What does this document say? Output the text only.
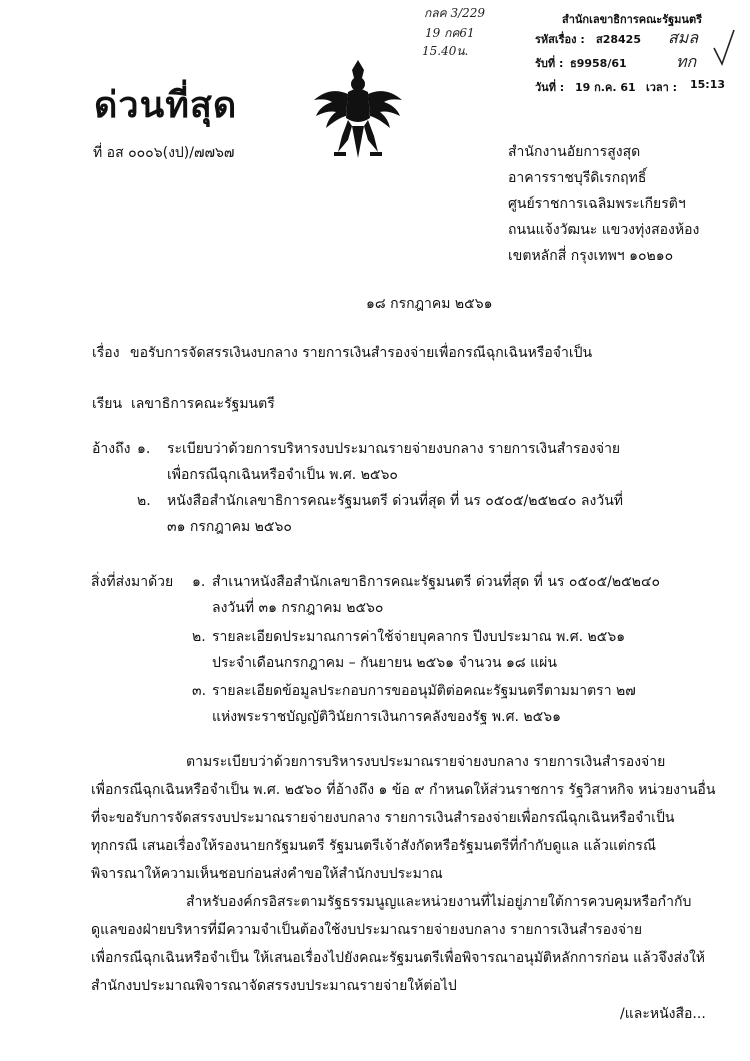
กลค 3/229
19 กค61
15.40น.
สำนักเลขาธิการคณะรัฐมนตรี
รหัสเรื่อง : ส28425
รับที่ : ธ9958/61
วันที่ : 19 ก.ค. 61 เวลา : 15:13
สมล
ทก
ด่วนที่สุด
ที่ อส ๐๐๐๖(งป)/๗๗๖๗	สำนักงานอัยการสูงสุด
อาคารราชบุรีดิเรกฤทธิ์
ศูนย์ราชการเฉลิมพระเกียรติฯ
ถนนแจ้งวัฒนะ แขวงทุ่งสองห้อง
เขตหลักสี่ กรุงเทพฯ ๑๐๒๑๐
๑๘ กรกฎาคม ๒๕๖๑
เรื่อง ขอรับการจัดสรรเงินงบกลาง รายการเงินสำรองจ่ายเพื่อกรณีฉุกเฉินหรือจำเป็น
เรียน เลขาธิการคณะรัฐมนตรี
อ้างถึง ๑. ระเบียบว่าด้วยการบริหารงบประมาณรายจ่ายงบกลาง รายการเงินสำรองจ่าย
เพื่อกรณีฉุกเฉินหรือจำเป็น พ.ศ. ๒๕๖๐
๒. หนังสือสำนักเลขาธิการคณะรัฐมนตรี ด่วนที่สุด ที่ นร ๐๕๐๕/๒๕๒๔๐ ลงวันที่
๓๑ กรกฎาคม ๒๕๖๐
สิ่งที่ส่งมาด้วย ๑. สำเนาหนังสือสำนักเลขาธิการคณะรัฐมนตรี ด่วนที่สุด ที่ นร ๐๕๐๕/๒๕๒๔๐
ลงวันที่ ๓๑ กรกฎาคม ๒๕๖๐
๒. รายละเอียดประมาณการค่าใช้จ่ายบุคลากร ปีงบประมาณ พ.ศ. ๒๕๖๑
ประจำเดือนกรกฎาคม – กันยายน ๒๕๖๑ จำนวน ๑๘ แผ่น
๓. รายละเอียดข้อมูลประกอบการขออนุมัติต่อคณะรัฐมนตรีตามมาตรา ๒๗
แห่งพระราชบัญญัติวินัยการเงินการคลังของรัฐ พ.ศ. ๒๕๖๑
ตามระเบียบว่าด้วยการบริหารงบประมาณรายจ่ายงบกลาง รายการเงินสำรองจ่าย
เพื่อกรณีฉุกเฉินหรือจำเป็น พ.ศ. ๒๕๖๐ ที่อ้างถึง ๑ ข้อ ๙ กำหนดให้ส่วนราชการ รัฐวิสาหกิจ หน่วยงานอื่น
ที่จะขอรับการจัดสรรงบประมาณรายจ่ายงบกลาง รายการเงินสำรองจ่ายเพื่อกรณีฉุกเฉินหรือจำเป็น
ทุกกรณี เสนอเรื่องให้รองนายกรัฐมนตรี รัฐมนตรีเจ้าสังกัดหรือรัฐมนตรีที่กำกับดูแล แล้วแต่กรณี
พิจารณาให้ความเห็นชอบก่อนส่งคำขอให้สำนักงบประมาณ
สำหรับองค์กรอิสระตามรัฐธรรมนูญและหน่วยงานที่ไม่อยู่ภายใต้การควบคุมหรือกำกับ
ดูแลของฝ่ายบริหารที่มีความจำเป็นต้องใช้งบประมาณรายจ่ายงบกลาง รายการเงินสำรองจ่าย
เพื่อกรณีฉุกเฉินหรือจำเป็น ให้เสนอเรื่องไปยังคณะรัฐมนตรีเพื่อพิจารณาอนุมัติหลักการก่อน แล้วจึงส่งให้
สำนักงบประมาณพิจารณาจัดสรรงบประมาณรายจ่ายให้ต่อไป
/และหนังสือ...
